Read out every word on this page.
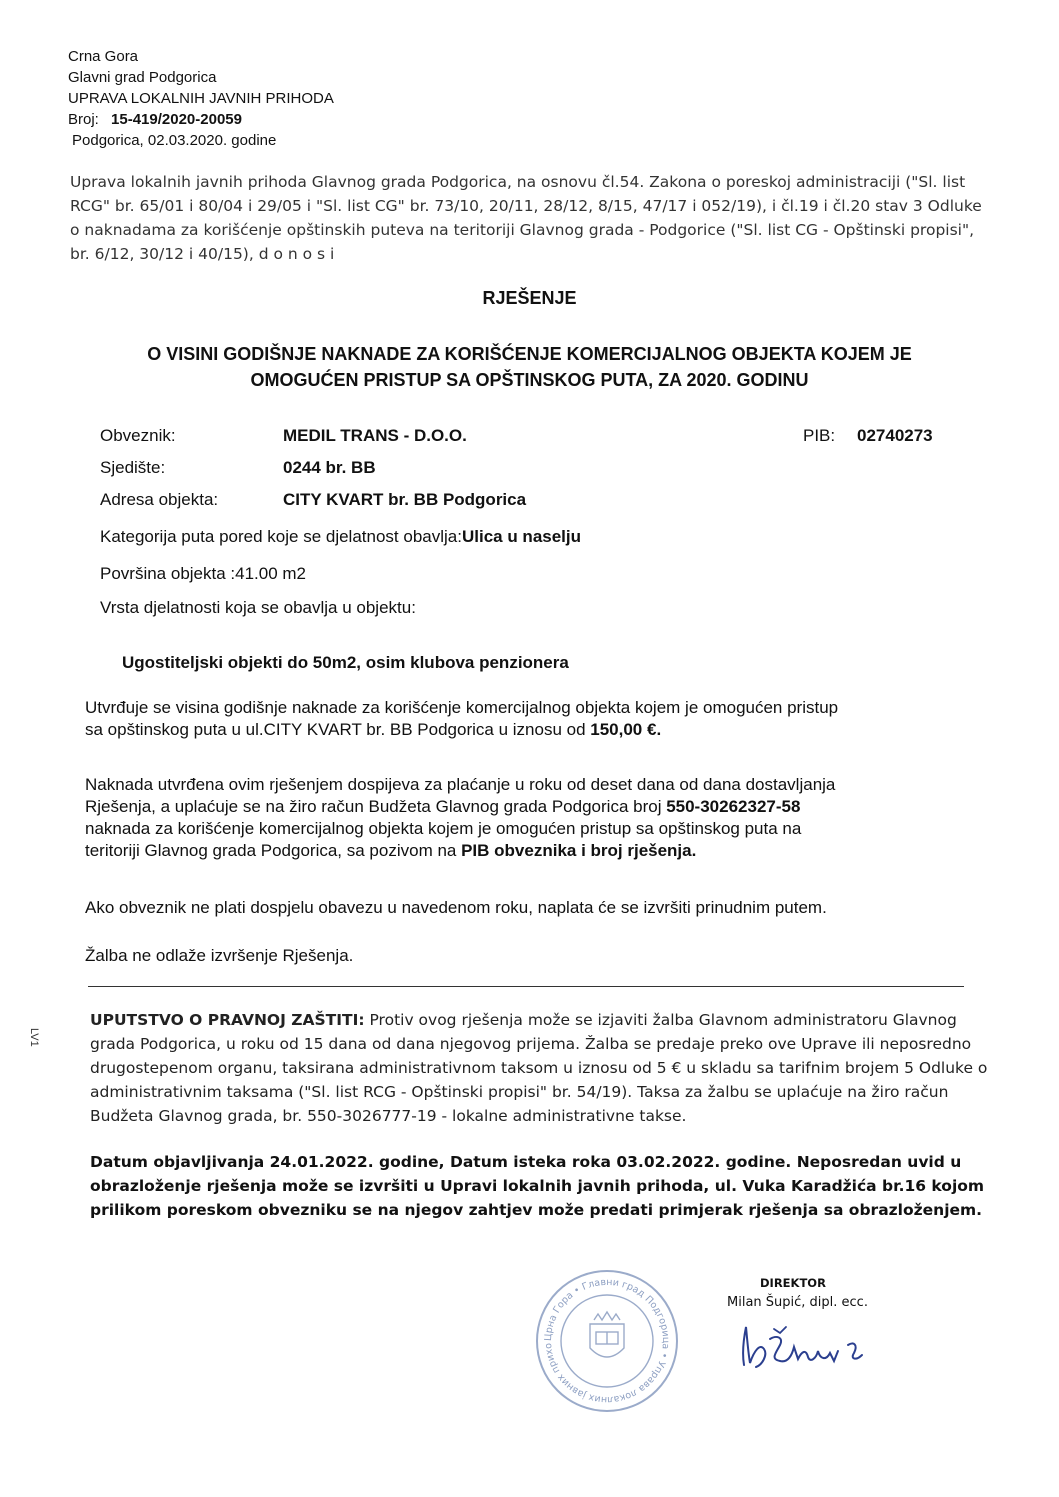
Crna Gora
Glavni grad Podgorica
UPRAVA LOKALNIH JAVNIH PRIHODA
Broj: 15-419/2020-20059
Podgorica, 02.03.2020. godine
Uprava lokalnih javnih prihoda Glavnog grada Podgorica, na osnovu čl.54. Zakona o poreskoj administraciji ("Sl. list RCG" br. 65/01 i 80/04 i 29/05 i "Sl. list CG" br. 73/10, 20/11, 28/12, 8/15, 47/17 i 052/19), i čl.19 i čl.20 stav 3 Odluke o naknadama za korišćenje opštinskih puteva na teritoriji Glavnog grada - Podgorice ("Sl. list CG - Opštinski propisi", br. 6/12, 30/12 i 40/15), d o n o s i
RJEŠENJE
O VISINI GODIŠNJE NAKNADE ZA KORIŠĆENJE KOMERCIJALNOG OBJEKTA KOJEM JE
OMOGUĆEN PRISTUP SA OPŠTINSKOG PUTA, ZA 2020. GODINU
Obveznik:	MEDIL TRANS - D.O.O.	PIB: 02740273
Sjedište:	0244 br. BB
Adresa objekta:	CITY KVART br. BB Podgorica
Kategorija puta pored koje se djelatnost obavlja:Ulica u naselju
Površina objekta :41.00 m2
Vrsta djelatnosti koja se obavlja u objektu:
Ugostiteljski objekti do 50m2, osim klubova penzionera
Utvrđuje se visina godišnje naknade za korišćenje komercijalnog objekta kojem je omogućen pristup
sa opštinskog puta u ul.CITY KVART br. BB Podgorica u iznosu od 150,00 €.
Naknada utvrđena ovim rješenjem dospijeva za plaćanje u roku od deset dana od dana dostavljanja
Rješenja, a uplaćuje se na žiro račun Budžeta Glavnog grada Podgorica broj 550-30262327-58
naknada za korišćenje komercijalnog objekta kojem je omogućen pristup sa opštinskog puta na
teritoriji Glavnog grada Podgorica, sa pozivom na PIB obveznika i broj rješenja.
Ako obveznik ne plati dospjelu obavezu u navedenom roku, naplata će se izvršiti prinudnim putem.
Žalba ne odlaže izvršenje Rješenja.
LV1
UPUTSTVO O PRAVNOJ ZAŠTITI: Protiv ovog rješenja može se izjaviti žalba Glavnom administratoru Glavnog grada Podgorica, u roku od 15 dana od dana njegovog prijema. Žalba se predaje preko ove Uprave ili neposredno drugostepenom organu, taksirana administrativnom taksom u iznosu od 5 € u skladu sa tarifnim brojem 5 Odluke o administrativnim taksama ("Sl. list RCG - Opštinski propisi" br. 54/19). Taksa za žalbu se uplaćuje na žiro račun Budžeta Glavnog grada, br. 550-3026777-19 - lokalne administrativne takse.
Datum objavljivanja 24.01.2022. godine, Datum isteka roka 03.02.2022. godine. Neposredan uvid u obrazloženje rješenja može se izvršiti u Upravi lokalnih javnih prihoda, ul. Vuka Karadžića br.16 kojom prilikom poreskom obvezniku se na njegov zahtjev može predati primjerak rješenja sa obrazloženjem.
Црна Гора • Главни град Подгорица • Управа локалних јавних прихо
DIREKTOR
Milan Šupić, dipl. ecc.
Šupić
